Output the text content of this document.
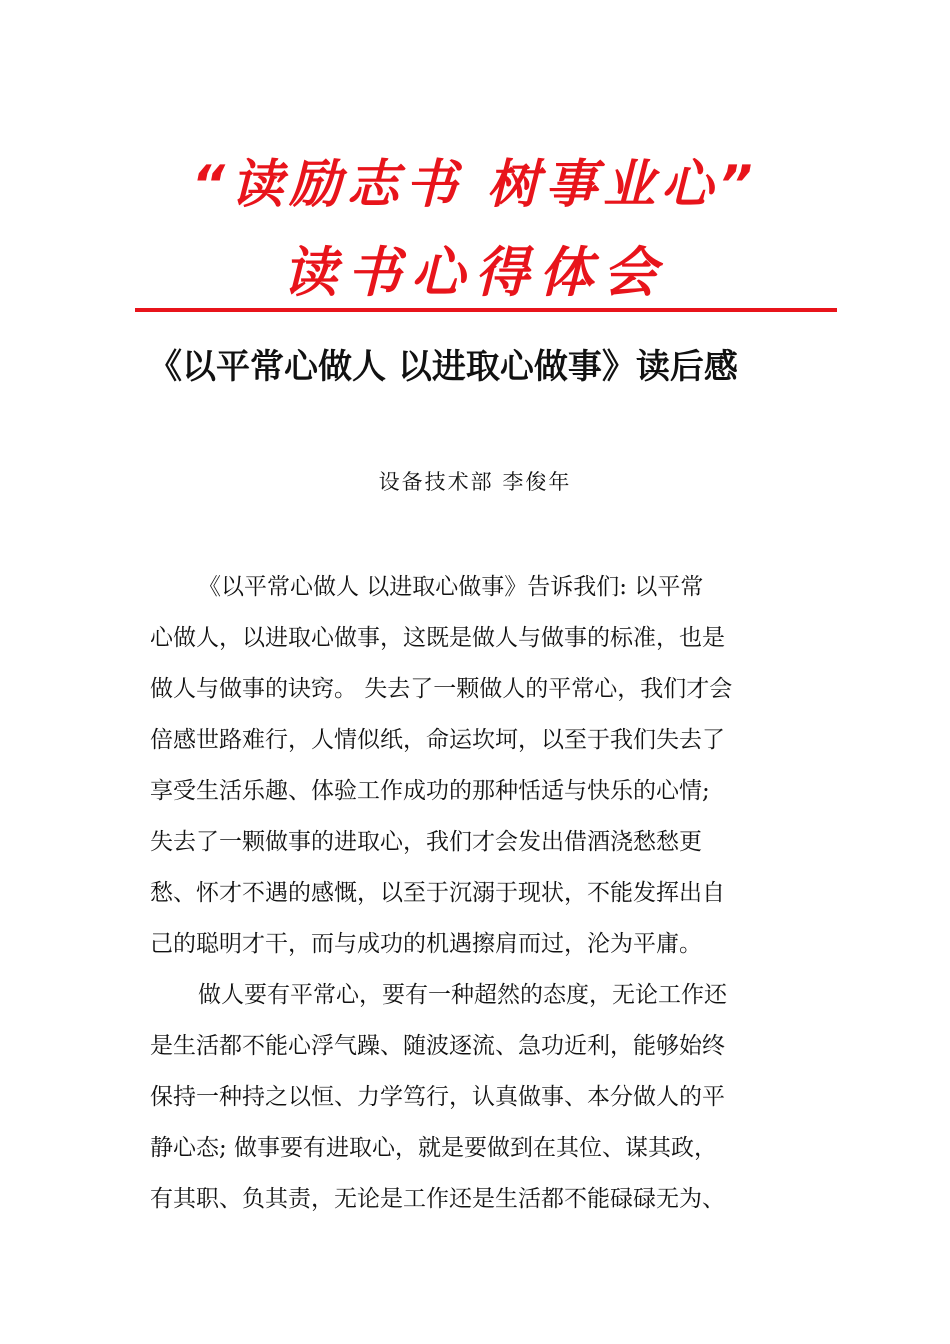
“读励志书 树事业心”
读书心得体会
《以平常心做人 以进取心做事》读后感
设备技术部 李俊年
《以平常心做人 以进取心做事》告诉我们: 以平常
心做人，以进取心做事，这既是做人与做事的标准，也是
做人与做事的诀窍。 失去了一颗做人的平常心，我们才会
倍感世路难行，人情似纸，命运坎坷，以至于我们失去了
享受生活乐趣、体验工作成功的那种恬适与快乐的心情;
失去了一颗做事的进取心，我们才会发出借酒浇愁愁更
愁、怀才不遇的感慨，以至于沉溺于现状，不能发挥出自
己的聪明才干，而与成功的机遇擦肩而过，沦为平庸。
做人要有平常心，要有一种超然的态度，无论工作还
是生活都不能心浮气躁、随波逐流、急功近利，能够始终
保持一种持之以恒、力学笃行，认真做事、本分做人的平
静心态; 做事要有进取心，就是要做到在其位、谋其政，
有其职、负其责，无论是工作还是生活都不能碌碌无为、
